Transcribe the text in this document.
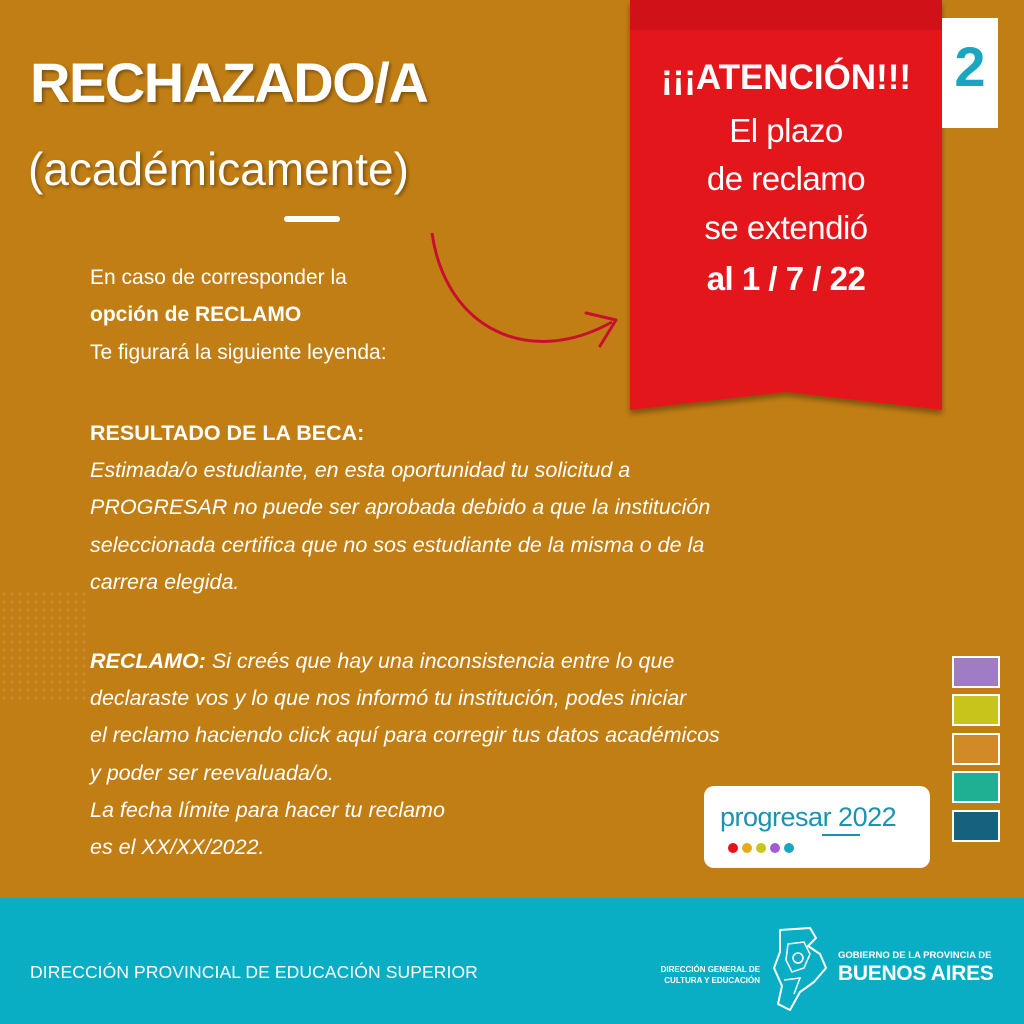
RECHAZADO/A
(académicamente)
En caso de corresponder la
opción de RECLAMO
Te figurará la siguiente leyenda:
RESULTADO DE LA BECA:
Estimada/o estudiante, en esta oportunidad tu solicitud a
PROGRESAR no puede ser aprobada debido a que la institución
seleccionada certifica que no sos estudiante de la misma o de la
carrera elegida.
RECLAMO: Si creés que hay una inconsistencia entre lo que
declaraste vos y lo que nos informó tu institución, podes iniciar
el reclamo haciendo click aquí para corregir tus datos académicos
y poder ser reevaluada/o.
La fecha límite para hacer tu reclamo
es el XX/XX/2022.
¡¡¡ATENCIÓN!!!
El plazo
de reclamo
se extendió
al 1 / 7 / 22
2
progresar 2022
DIRECCIÓN PROVINCIAL DE EDUCACIÓN SUPERIOR	DIRECCIÓN GENERAL DE
CULTURA Y EDUCACIÓN
GOBIERNO DE LA PROVINCIA DE
BUENOS AIRES
